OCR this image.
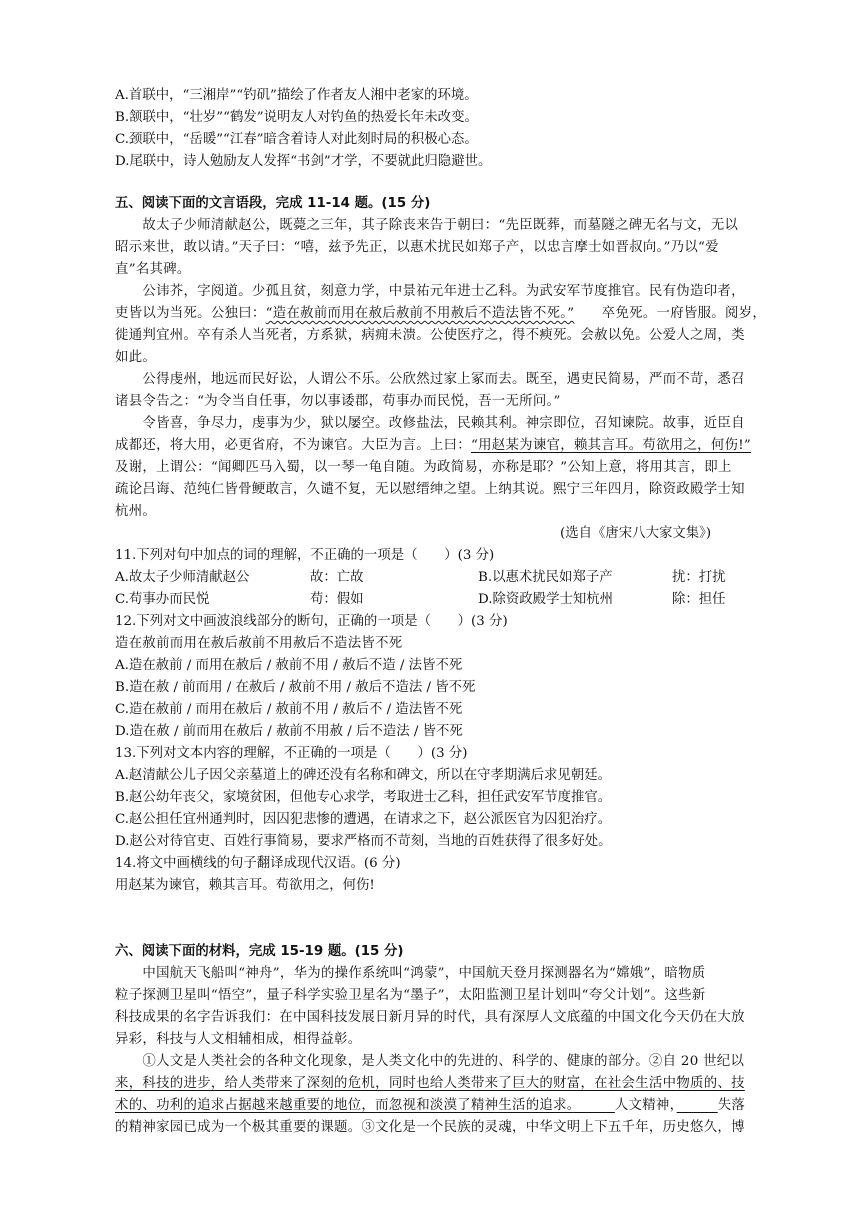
A.首联中，“三湘岸”“钓矶”描绘了作者友人湘中老家的环境。
B.颔联中，“壮岁”“鹤发”说明友人对钓鱼的热爱长年未改变。
C.颈联中，“岳暖”“江春”暗含着诗人对此刻时局的积极心态。
D.尾联中，诗人勉励友人发挥“书剑”才学，不要就此归隐避世。
五、阅读下面的文言语段，完成 11-14 题。(15 分)
　　故太子少师清献赵公，既薨之三年，其子除丧来告于朝曰：“先臣既葬，而墓隧之碑无名与文，无以
昭示来世，敢以请。”天子曰：“嘻，兹予先正，以惠术扰民如郑子产，以忠言摩士如晋叔向。”乃以“爱
直”名其碑。
　　公讳芥，字阅道。少孤且贫，刻意力学，中景祐元年进士乙科。为武安军节度推官。民有伪造印者，
吏皆以为当死。公独曰：“造在赦前而用在赦后赦前不用赦后不造法皆不死。”　　卒免死。一府皆服。阅岁，
徙通判宜州。卒有杀人当死者，方系狱，病痈未溃。公使医疗之，得不瘐死。会赦以免。公爱人之周，类
如此。
　　公得虔州，地远而民好讼，人谓公不乐。公欣然过家上冢而去。既至，遇吏民简易，严而不苛，悉召
诸县令告之：“为令当自任事，勿以事诿郡，苟事办而民悦，吾一无所问。”
　　令皆喜，争尽力，虔事为少，狱以屡空。改修盐法，民赖其利。神宗即位，召知谏院。故事，近臣自
成都还，将大用，必更省府，不为谏官。大臣为言。上曰：“用赵某为谏官，赖其言耳。苟欲用之，何伤!”
及谢，上谓公：“闻卿匹马入蜀，以一琴一龟自随。为政简易，亦称是耶？”公知上意，将用其言，即上
疏论吕诲、范纯仁皆骨鲠敢言，久谴不复，无以慰缙绅之望。上纳其说。熙宁三年四月，除资政殿学士知
杭州。
(选自《唐宋八大家文集》)
11.下列对句中加点的词的理解，不正确的一项是（　　）(3 分)
A.故太子少师清献赵公	故：亡故	B.以惠术扰民如郑子产	扰：打扰
C.苟事办而民悦	苟：假如	D.除资政殿学士知杭州	除：担任
12.下列对文中画波浪线部分的断句，正确的一项是（　　）(3 分)
造在赦前而用在赦后赦前不用赦后不造法皆不死
A.造在赦前 / 而用在赦后 / 赦前不用 / 赦后不造 / 法皆不死
B.造在赦 / 前而用 / 在赦后 / 赦前不用 / 赦后不造法 / 皆不死
C.造在赦前 / 而用在赦后 / 赦前不用 / 赦后不 / 造法皆不死
D.造在赦 / 前而用在赦后 / 赦前不用赦 / 后不造法 / 皆不死
13.下列对文本内容的理解，不正确的一项是（　　）(3 分)
A.赵清献公儿子因父亲墓道上的碑还没有名称和碑文，所以在守孝期满后求见朝廷。
B.赵公幼年丧父，家境贫困，但他专心求学，考取进士乙科，担任武安军节度推官。
C.赵公担任宜州通判时，因囚犯悲惨的遭遇，在请求之下，赵公派医官为囚犯治疗。
D.赵公对待官吏、百姓行事简易，要求严格而不苛刻，当地的百姓获得了很多好处。
14.将文中画横线的句子翻译成现代汉语。(6 分)
用赵某为谏官，赖其言耳。苟欲用之，何伤!
六、阅读下面的材料，完成 15-19 题。(15 分)
　　中国航天飞船叫“神舟”，华为的操作系统叫“鸿蒙”，中国航天登月探测器名为“嫦娥”，暗物质
粒子探测卫星叫“悟空”，量子科学实验卫星名为“墨子”，太阳监测卫星计划叫“夸父计划”。这些新
科技成果的名字告诉我们：在中国科技发展日新月异的时代，具有深厚人文底蕴的中国文化今天仍在大放
异彩，科技与人文相辅相成，相得益彰。
　　①人文是人类社会的各种文化现象，是人类文化中的先进的、科学的、健康的部分。②自 20 世纪以
来，科技的进步，给人类带来了深刻的危机，同时也给人类带来了巨大的财富，在社会生活中物质的、技
术的、功利的追求占据越来越重要的地位，而忽视和淡漠了精神生活的追求。　　　	人文精神，　　　	失落
的精神家园已成为一个极其重要的课题。③文化是一个民族的灵魂，中华文明上下五千年，历史悠久，博
